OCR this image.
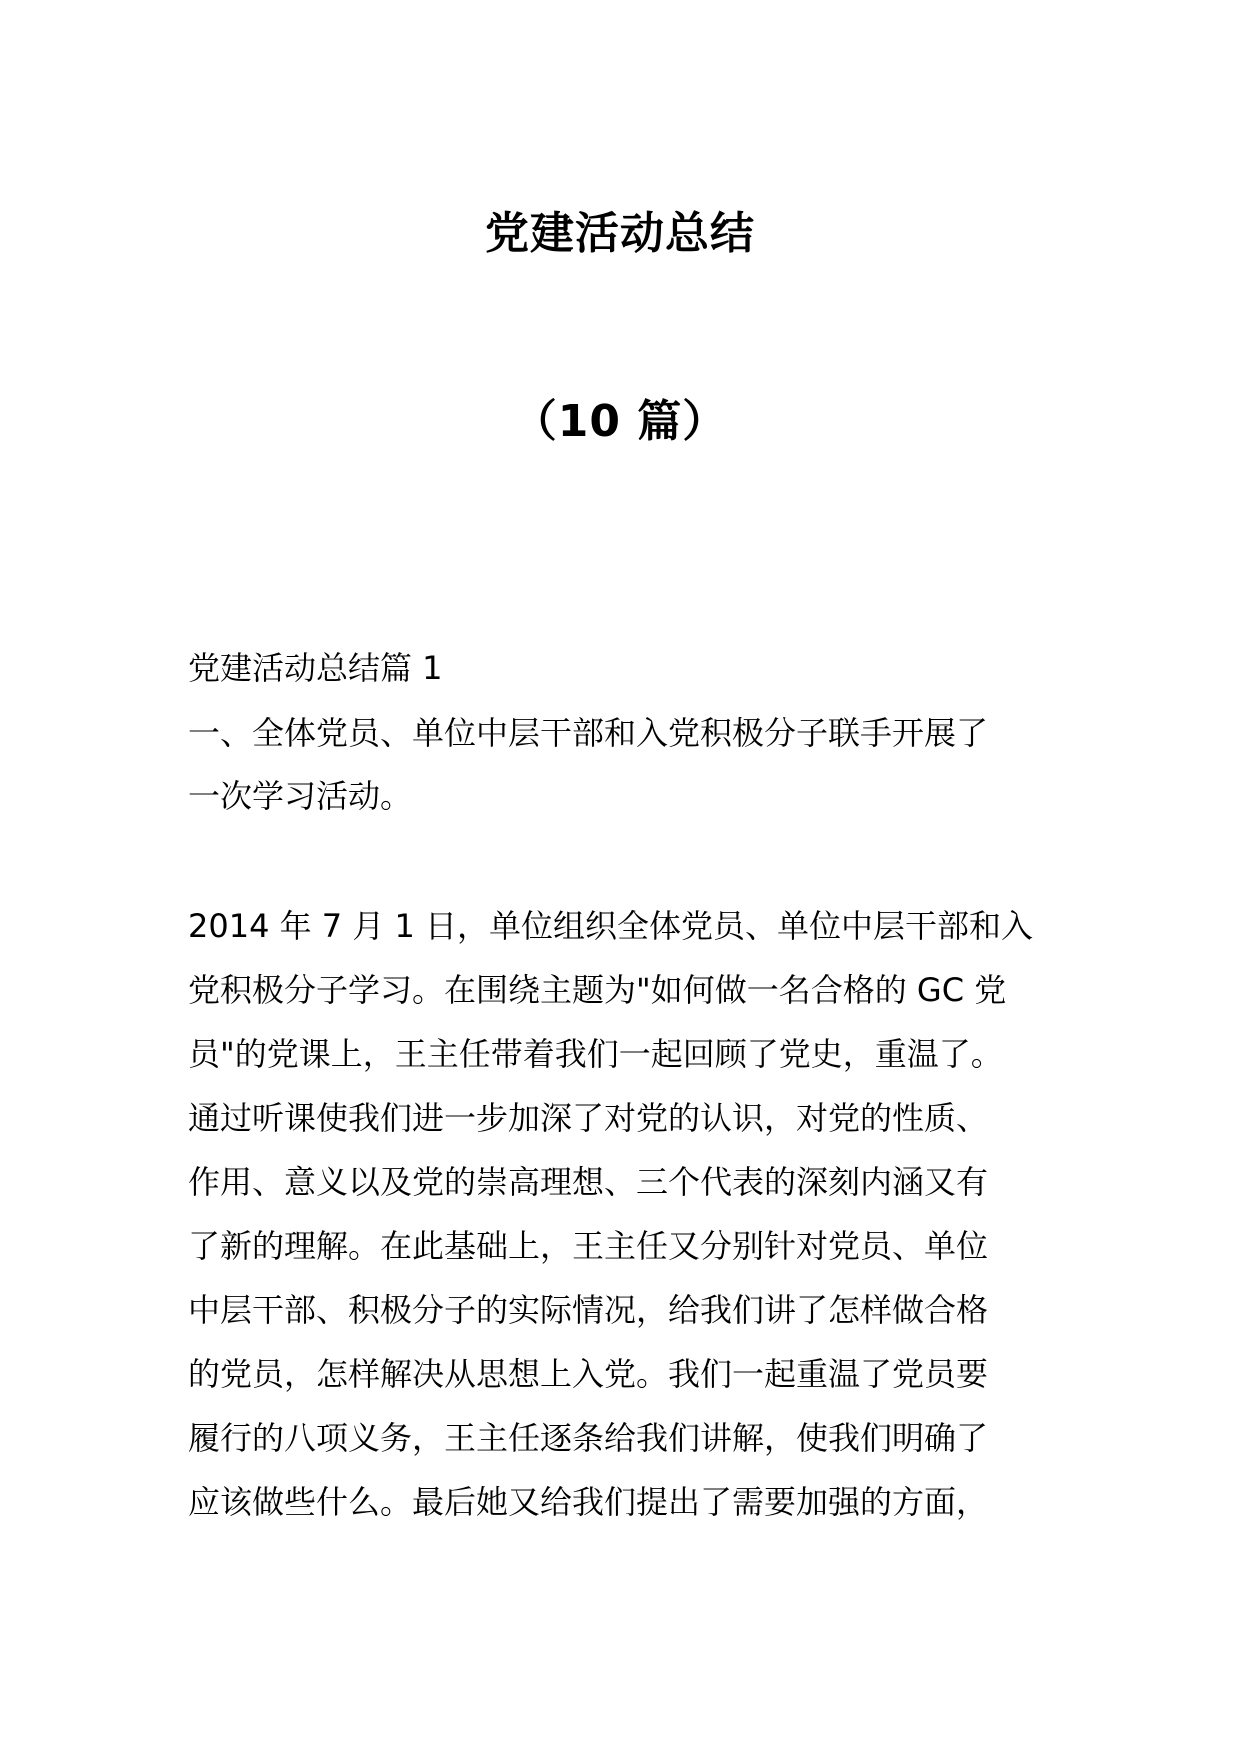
党建活动总结
（10 篇）
党建活动总结篇 1
一、全体党员、单位中层干部和入党积极分子联手开展了
一次学习活动。
2014 年 7 月 1 日，单位组织全体党员、单位中层干部和入
党积极分子学习。在围绕主题为"如何做一名合格的 GC 党
员"的党课上，王主任带着我们一起回顾了党史，重温了。
通过听课使我们进一步加深了对党的认识，对党的性质、
作用、意义以及党的崇高理想、三个代表的深刻内涵又有
了新的理解。在此基础上，王主任又分别针对党员、单位
中层干部、积极分子的实际情况，给我们讲了怎样做合格
的党员，怎样解决从思想上入党。我们一起重温了党员要
履行的八项义务，王主任逐条给我们讲解，使我们明确了
应该做些什么。最后她又给我们提出了需要加强的方面，
